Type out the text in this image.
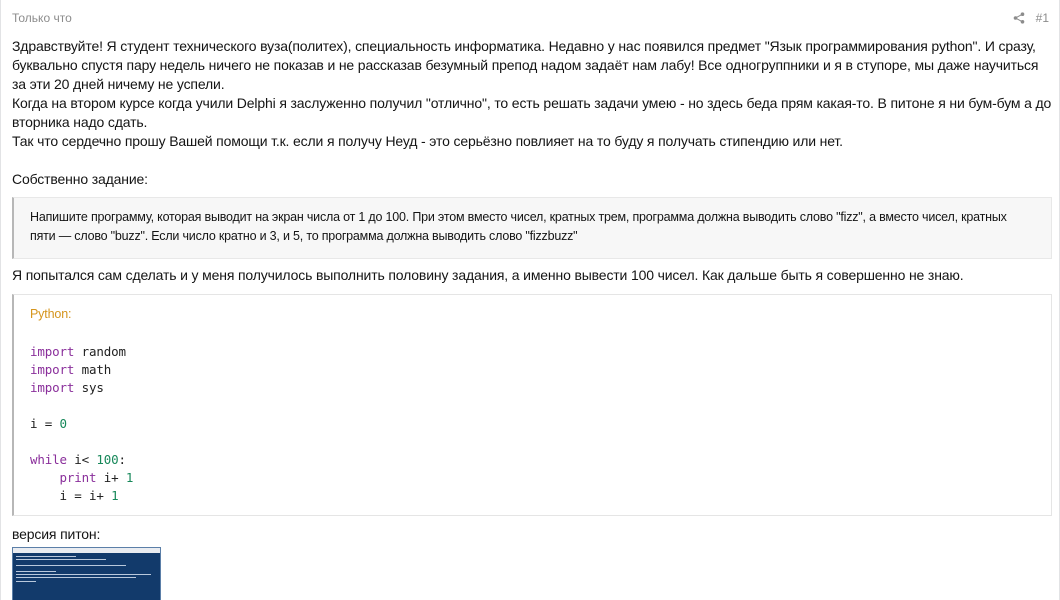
Только что	#1

Здравствуйте! Я студент технического вуза(политех), специальность информатика. Недавно у нас появился предмет "Язык программирования python". И сразу, буквально спустя пару недель ничего не показав и не рассказав безумный препод надом задаёт нам лабу! Все одногруппники и я в ступоре, мы даже научиться за эти 20 дней ничему не успели.

Когда на втором курсе когда учили Delphi я заслуженно получил "отлично", то есть решать задачи умею - но здесь беда прям какая-то. В питоне я ни бум-бум а до вторника надо сдать.

Так что сердечно прошу Вашей помощи т.к. если я получу Неуд - это серьёзно повлияет на то буду я получать стипендию или нет.

Собственно задание:

Напишите программу, которая выводит на экран числа от 1 до 100. При этом вместо чисел, кратных трем, программа должна выводить слово "fizz", а вместо чисел, кратных пяти — слово "buzz". Если число кратно и 3, и 5, то программа должна выводить слово "fizzbuzz"

Я попытался сам сделать и у меня получилось выполнить половину задания, а именно вывести 100 чисел. Как дальше быть я совершенно не знаю.

Python:
import random
import math
import sys

i = 0

while i< 100:
print i+ 1
i = i+ 1

версия питон:
